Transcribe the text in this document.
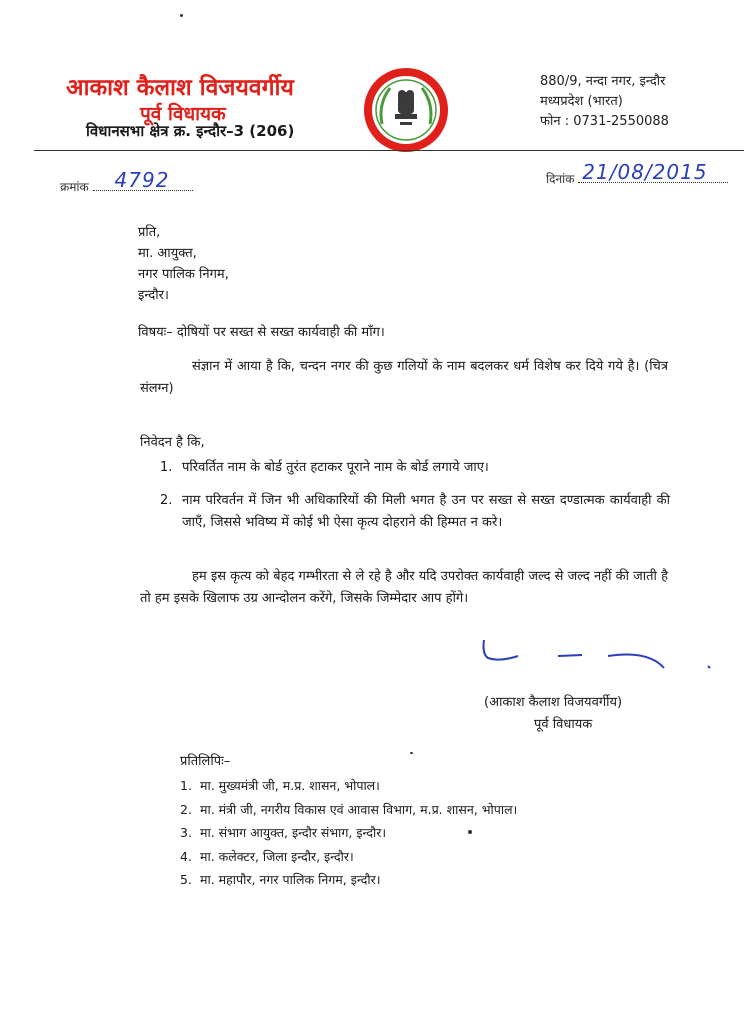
आकाश कैलाश विजयवर्गीय
पूर्व विधायक
विधानसभा क्षेत्र क्र. इन्दौर–3 (206)
880/9, नन्दा नगर, इन्दौर
मध्यप्रदेश (भारत)
फोन : 0731-2550088
क्रमांक 4792	दिनांक 21/08/2015
प्रति,
मा. आयुक्त,
नगर पालिक निगम,
इन्दौर।
विषयः– दोषियों पर सख्त से सख्त कार्यवाही की माँग।
संज्ञान में आया है कि, चन्दन नगर की कुछ गलियों के नाम बदलकर धर्म विशेष कर दिये गये है। (चित्र संलग्न)
निवेदन है कि,
1. परिवर्तित नाम के बोर्ड तुरंत हटाकर पूराने नाम के बोर्ड लगाये जाए।
2. नाम परिवर्तन में जिन भी अधिकारियों की मिली भगत है उन पर सख्त से सख्त दण्डात्मक कार्यवाही की जाऍं, जिससे भविष्य में कोई भी ऐसा कृत्य दोहराने की हिम्मत न करे।
हम इस कृत्य को बेहद गम्भीरता से ले रहे है और यदि उपरोक्त कार्यवाही जल्द से जल्द नहीं की जाती है तो हम इसके खिलाफ उग्र आन्दोलन करेंगे, जिसके जिम्मेदार आप होंगे।
(आकाश कैलाश विजयवर्गीय)
पूर्व विधायक
प्रतिलिपिः–
1. मा. मुख्यमंत्री जी, म.प्र. शासन, भोपाल।
2. मा. मंत्री जी, नगरीय विकास एवं आवास विभाग, म.प्र. शासन, भोपाल।
3. मा. संभाग आयुक्त, इन्दौर संभाग, इन्दौर।
4. मा. कलेक्टर, जिला इन्दौर, इन्दौर।
5. मा. महापौर, नगर पालिक निगम, इन्दौर।
